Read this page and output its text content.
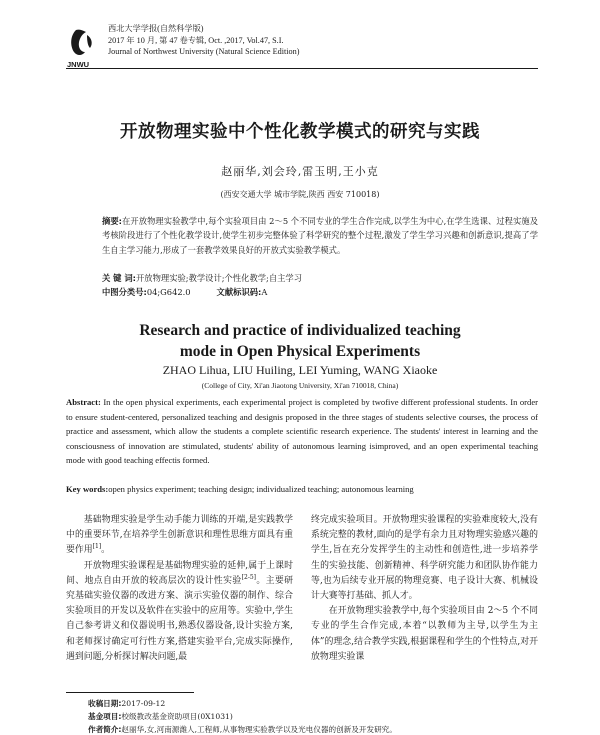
JNWU
西北大学学报(自然科学版)
2017 年 10 月, 第 47 卷专辑, Oct. ,2017, Vol.47, S.I.
Journal of Northwest University (Natural Science Edition)
开放物理实验中个性化教学模式的研究与实践
赵丽华,刘会玲,雷玉明,王小克
(西安交通大学 城市学院,陕西 西安 710018)
摘要:在开放物理实验教学中,每个实验项目由 2～5 个不同专业的学生合作完成,以学生为中心,在学生选课、过程实施及考核阶段进行了个性化教学设计,使学生初步完整体验了科学研究的整个过程,激发了学生学习兴趣和创新意识,提高了学生自主学习能力,形成了一套教学效果良好的开放式实验教学模式。
关 键 词:开放物理实验;教学设计;个性化教学;自主学习
中图分类号:04;G642.0	文献标识码:A
Research and practice of individualized teaching
mode in Open Physical Experiments
ZHAO Lihua, LIU Huiling, LEI Yuming, WANG Xiaoke
(College of City, Xi'an Jiaotong University, Xi'an 710018, China)
Abstract: In the open physical experiments, each experimental project is completed by twofive different professional students. In order to ensure student-centered, personalized teaching and designis proposed in the three stages of students selective courses, the process of practice and assessment, which allow the students a complete scientific research experience. The students' interest in learning and the consciousness of innovation are stimulated, students' ability of autonomous learning isimproved, and an open experimental teaching mode with good teaching effectis formed.
Key words:open physics experiment; teaching design; individualized teaching; autonomous learning

基础物理实验是学生动手能力训练的开端,是实践教学中的重要环节,在培养学生创新意识和理性思维方面具有重要作用[1]。

开放物理实验课程是基础物理实验的延伸,属于上课时间、地点自由开放的较高层次的设计性实验[2-5]。主要研究基础实验仪器的改进方案、演示实验仪器的制作、综合实验项目的开发以及软件在实验中的应用等。实验中,学生自己参考讲义和仪器说明书,熟悉仪器设备,设计实验方案,和老师探讨确定可行性方案,搭建实验平台,完成实际操作,遇到问题,分析探讨解决问题,最

终完成实验项目。开放物理实验课程的实验难度较大,没有系统完整的教材,面向的是学有余力且对物理实验感兴趣的学生,旨在充分发挥学生的主动性和创造性,进一步培养学生的实验技能、创新精神、科学研究能力和团队协作能力等,也为后续专业开展的物理竞赛、电子设计大赛、机械设计大赛等打基础、抓人才。

在开放物理实验教学中,每个实验项目由 2～5 个不同专业的学生合作完成,本着“以教师为主导,以学生为主体”的理念,结合教学实践,根据课程和学生的个性特点,对开放物理实验课

收稿日期:2017-09-12
基金项目:校级教改基金资助项目(0X1031)
作者简介:赵丽华,女,河南源潍人,工程师,从事物理实验教学以及光电仪器的创新及开发研究。
